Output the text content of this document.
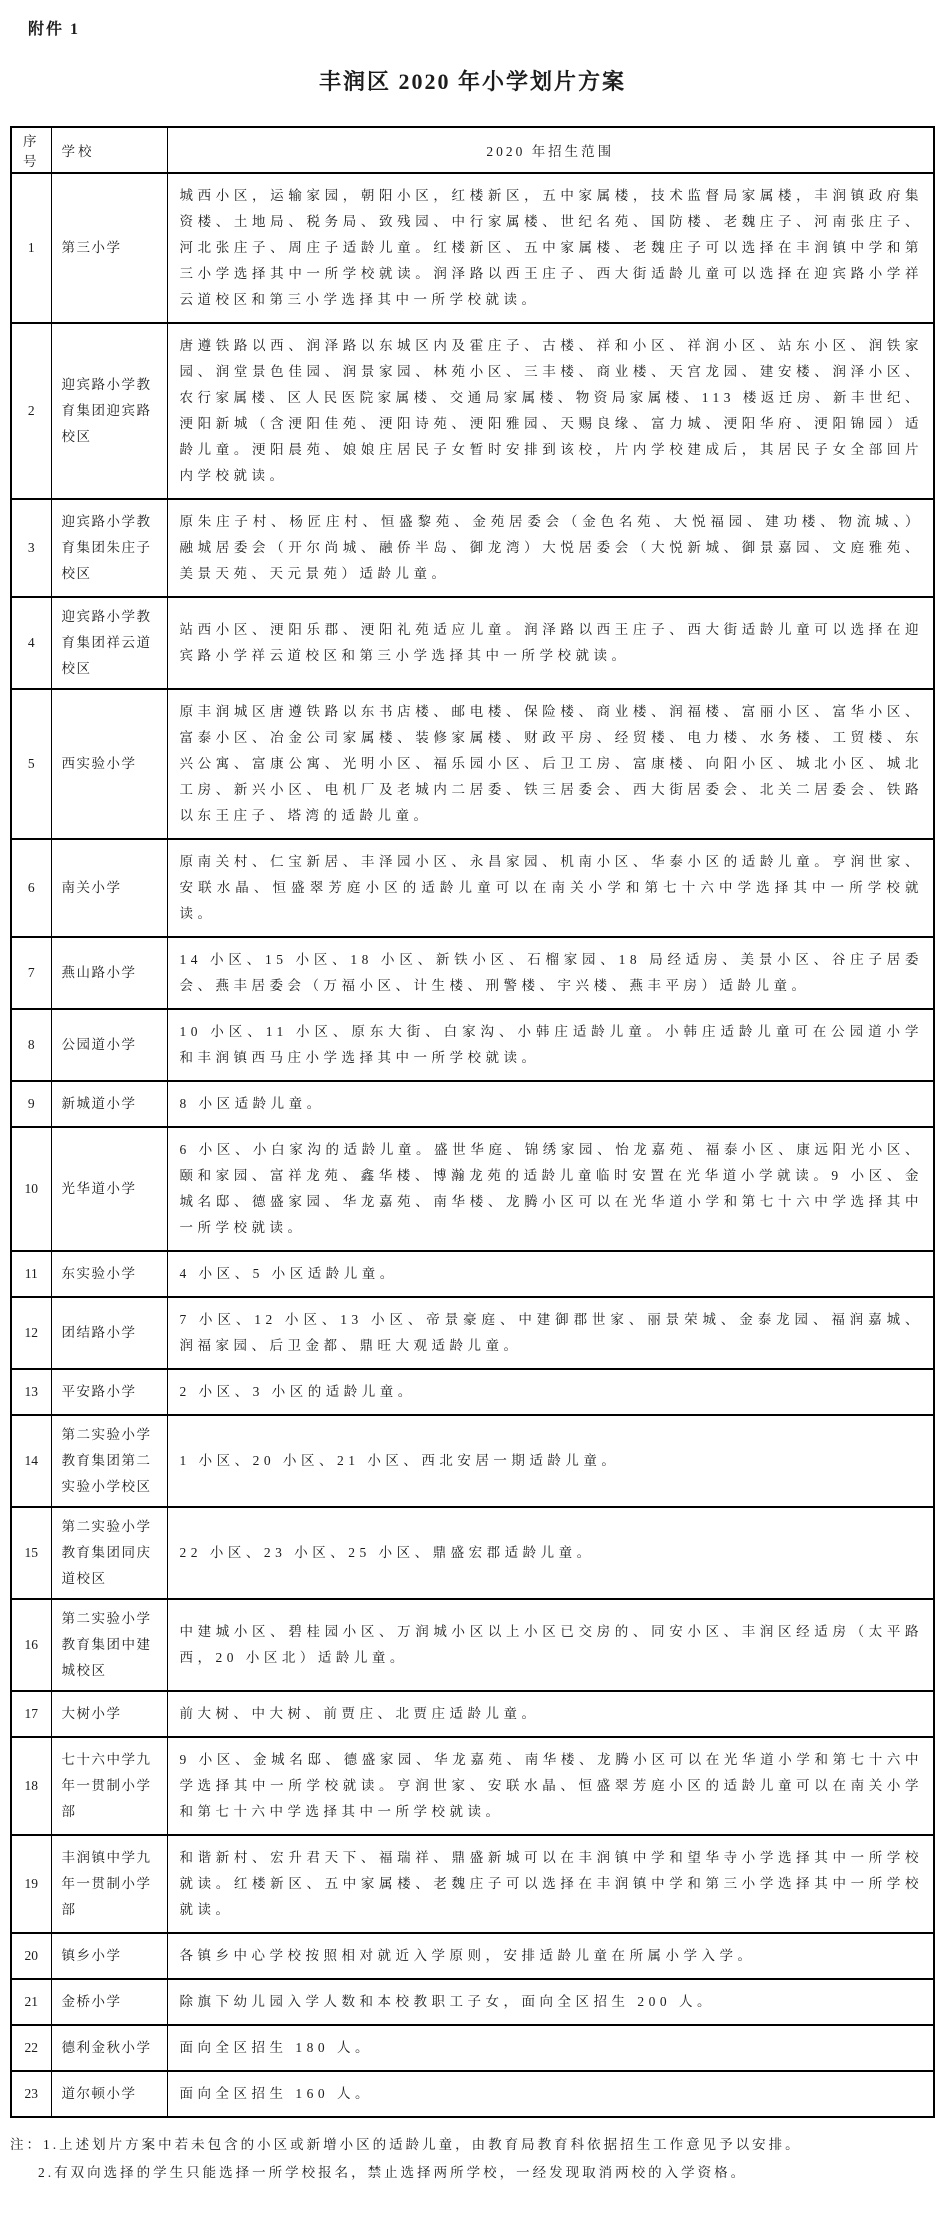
附件 1
丰润区 2020 年小学划片方案
序号	学校	2020 年招生范围
1	第三小学	城西小区，运输家园，朝阳小区，红楼新区，五中家属楼，技术监督局家属楼，丰润镇政府集资楼、土地局、税务局、致残园、中行家属楼、世纪名苑、国防楼、老魏庄子、河南张庄子、河北张庄子、周庄子适龄儿童。红楼新区、五中家属楼、老魏庄子可以选择在丰润镇中学和第三小学选择其中一所学校就读。润泽路以西王庄子、西大街适龄儿童可以选择在迎宾路小学祥云道校区和第三小学选择其中一所学校就读。
2	迎宾路小学教育集团迎宾路校区	唐遵铁路以西、润泽路以东城区内及霍庄子、古楼、祥和小区、祥润小区、站东小区、润铁家园、润堂景色佳园、润景家园、林苑小区、三丰楼、商业楼、天宫龙园、建安楼、润泽小区、农行家属楼、区人民医院家属楼、交通局家属楼、物资局家属楼、113 楼返迁房、新丰世纪、浭阳新城（含浭阳佳苑、浭阳诗苑、浭阳雅园、天赐良缘、富力城、浭阳华府、浭阳锦园）适龄儿童。浭阳晨苑、娘娘庄居民子女暂时安排到该校，片内学校建成后，其居民子女全部回片内学校就读。
3	迎宾路小学教育集团朱庄子校区	原朱庄子村、杨匠庄村、恒盛黎苑、金苑居委会（金色名苑、大悦福园、建功楼、物流城、）融城居委会（开尔尚城、融侨半岛、御龙湾）大悦居委会（大悦新城、御景嘉园、文庭雅苑、美景天苑、天元景苑）适龄儿童。
4	迎宾路小学教育集团祥云道校区	站西小区、浭阳乐郡、浭阳礼苑适应儿童。润泽路以西王庄子、西大街适龄儿童可以选择在迎宾路小学祥云道校区和第三小学选择其中一所学校就读。
5	西实验小学	原丰润城区唐遵铁路以东书店楼、邮电楼、保险楼、商业楼、润福楼、富丽小区、富华小区、富泰小区、冶金公司家属楼、装修家属楼、财政平房、经贸楼、电力楼、水务楼、工贸楼、东兴公寓、富康公寓、光明小区、福乐园小区、后卫工房、富康楼、向阳小区、城北小区、城北工房、新兴小区、电机厂及老城内二居委、铁三居委会、西大街居委会、北关二居委会、铁路以东王庄子、塔湾的适龄儿童。
6	南关小学	原南关村、仁宝新居、丰泽园小区、永昌家园、机南小区、华泰小区的适龄儿童。亨润世家、安联水晶、恒盛翠芳庭小区的适龄儿童可以在南关小学和第七十六中学选择其中一所学校就读。
7	燕山路小学	14 小区、15 小区、18 小区、新铁小区、石榴家园、18 局经适房、美景小区、谷庄子居委会、燕丰居委会（万福小区、计生楼、刑警楼、宇兴楼、燕丰平房）适龄儿童。
8	公园道小学	10 小区、11 小区、原东大街、白家沟、小韩庄适龄儿童。小韩庄适龄儿童可在公园道小学和丰润镇西马庄小学选择其中一所学校就读。
9	新城道小学	8 小区适龄儿童。
10	光华道小学	6 小区、小白家沟的适龄儿童。盛世华庭、锦绣家园、怡龙嘉苑、福泰小区、康远阳光小区、颐和家园、富祥龙苑、鑫华楼、博瀚龙苑的适龄儿童临时安置在光华道小学就读。9 小区、金城名邸、德盛家园、华龙嘉苑、南华楼、龙腾小区可以在光华道小学和第七十六中学选择其中一所学校就读。
11	东实验小学	4 小区、5 小区适龄儿童。
12	团结路小学	7 小区、12 小区、13 小区、帝景豪庭、中建御郡世家、丽景荣城、金泰龙园、福润嘉城、润福家园、后卫金都、鼎旺大观适龄儿童。
13	平安路小学	2 小区、3 小区的适龄儿童。
14	第二实验小学教育集团第二实验小学校区	1 小区、20 小区、21 小区、西北安居一期适龄儿童。
15	第二实验小学教育集团同庆道校区	22 小区、23 小区、25 小区、鼎盛宏郡适龄儿童。
16	第二实验小学教育集团中建城校区	中建城小区、碧桂园小区、万润城小区以上小区已交房的、同安小区、丰润区经适房（太平路西，20 小区北）适龄儿童。
17	大树小学	前大树、中大树、前贾庄、北贾庄适龄儿童。
18	七十六中学九年一贯制小学部	9 小区、金城名邸、德盛家园、华龙嘉苑、南华楼、龙腾小区可以在光华道小学和第七十六中学选择其中一所学校就读。亨润世家、安联水晶、恒盛翠芳庭小区的适龄儿童可以在南关小学和第七十六中学选择其中一所学校就读。
19	丰润镇中学九年一贯制小学部	和谐新村、宏升君天下、福瑞祥、鼎盛新城可以在丰润镇中学和望华寺小学选择其中一所学校就读。红楼新区、五中家属楼、老魏庄子可以选择在丰润镇中学和第三小学选择其中一所学校就读。
20	镇乡小学	各镇乡中心学校按照相对就近入学原则，安排适龄儿童在所属小学入学。
21	金桥小学	除旗下幼儿园入学人数和本校教职工子女，面向全区招生 200 人。
22	德利金秋小学	面向全区招生 180 人。
23	道尔顿小学	面向全区招生 160 人。

注：1.上述划片方案中若未包含的小区或新增小区的适龄儿童，由教育局教育科依据招生工作意见予以安排。

2.有双向选择的学生只能选择一所学校报名，禁止选择两所学校，一经发现取消两校的入学资格。
